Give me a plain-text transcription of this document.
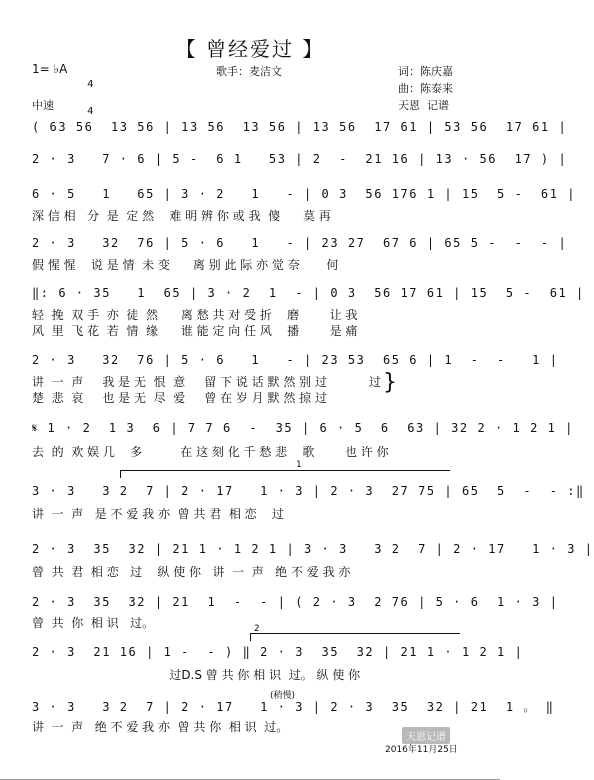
【 曾经爱过 】
1= ♭A

4

4

歌手：麦洁文	词：陈庆嘉
曲：陈泰来
天恩  记谱
中速
( 63 56  13 56 | 13 56  13 56 | 13 56  17 61 | 53 56  17 61 |
2 · 3   7 · 6 | 5 -  6 1   53 | 2  -  21 16 | 13 · 56  17 ) |
6 · 5   1   65 | 3 · 2   1   - | 0 3  56 176 1 | 15  5 -  61 |
深 信 相   分  是  定 然    难 明 辨 你 或 我  傻      莫 再
2 · 3   32  76 | 5 · 6   1   - | 23 27  67 6 | 65 5 -  -  - |
假 惺 惺    说 是 情  未 变      离 别 此 际 亦 觉 奈       何
‖: 6 · 35   1  65 | 3 · 2  1  - | 0 3  56 17 61 | 15  5 -  61 |
轻  挽  双 手  亦  徒  然      离 愁 共 对 受 折    磨        让 我
风  里  飞 花  若  情  缘      谁 能 定 向 任 风    播        是 痛
2 · 3   32  76 | 5 · 6   1   - | 23 53  65 6 | 1  -  -   1 |
讲  一  声     我 是 无  恨  意     留 下 说 话 默 然 别 过           过
楚  悲  哀     也 是 无  尽  爱     曾 在 岁 月 默 然 掠 过
}
𝄋 1 · 2  1 3  6 | 7 7 6  -  35 | 6 · 5  6  63 | 32 2 · 1 2 1 |
去  的  欢 娱 几    多          在 这 刻 化 千 愁 悲    歌        也 许 你
1
3 · 3   3 2  7 | 2 · 17   1 · 3 | 2 · 3  27 75 | 65  5  -  - :‖
讲  一  声   是 不 爱 我 亦  曾 共 君  相 恋    过
2 · 3  35  32 | 21 1 · 1 2 1 | 3 · 3   3 2  7 | 2 · 17   1 · 3 |
曾  共  君  相 恋   过    纵 使 你   讲  一  声   绝 不 爱 我 亦
2 · 3  35  32 | 21  1  -  - | ( 2 · 3  2 76 | 5 · 6  1 · 3 |
曾  共  你  相 识   过。	2
2 · 3  21 16 | 1 -  - ) ‖ 2 · 3  35  32 | 21 1 · 1 2 1 |
过D.S 曾 共 你 相 识  过。 纵 使 你
(稍慢)
3 · 3   3 2  7 | 2 · 17   1 · 3 | 2 · 3  35  32 | 21  1 。 ‖
讲  一  声   绝 不 爱 我 亦  曾 共 你  相 识  过。
天恩记谱
2016年11月25日
